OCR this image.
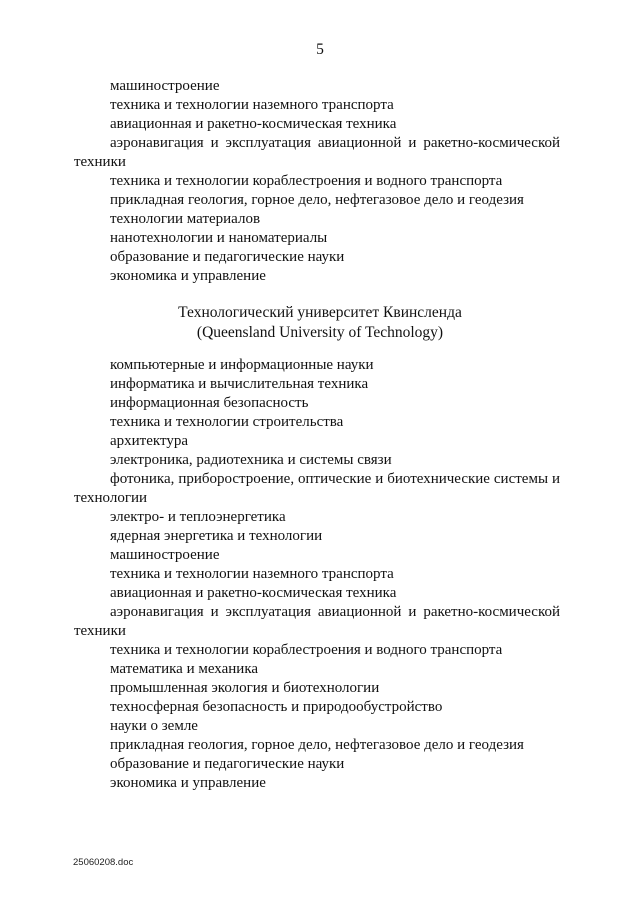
5
машиностроение
техника и технологии наземного транспорта
авиационная и ракетно-космическая техника
аэронавигация и эксплуатация авиационной и ракетно-космической техники
техника и технологии кораблестроения и водного транспорта
прикладная геология, горное дело, нефтегазовое дело и геодезия
технологии материалов
нанотехнологии и наноматериалы
образование и педагогические науки
экономика и управление
Технологический университет Квинсленда
(Queensland University of Technology)
компьютерные и информационные науки
информатика и вычислительная техника
информационная безопасность
техника и технологии строительства
архитектура
электроника, радиотехника и системы связи
фотоника, приборостроение, оптические и биотехнические системы и технологии
электро- и теплоэнергетика
ядерная энергетика и технологии
машиностроение
техника и технологии наземного транспорта
авиационная и ракетно-космическая техника
аэронавигация и эксплуатация авиационной и ракетно-космической техники
техника и технологии кораблестроения и водного транспорта
математика и механика
промышленная экология и биотехнологии
техносферная безопасность и природообустройство
науки о земле
прикладная геология, горное дело, нефтегазовое дело и геодезия
образование и педагогические науки
экономика и управление
25060208.doc
